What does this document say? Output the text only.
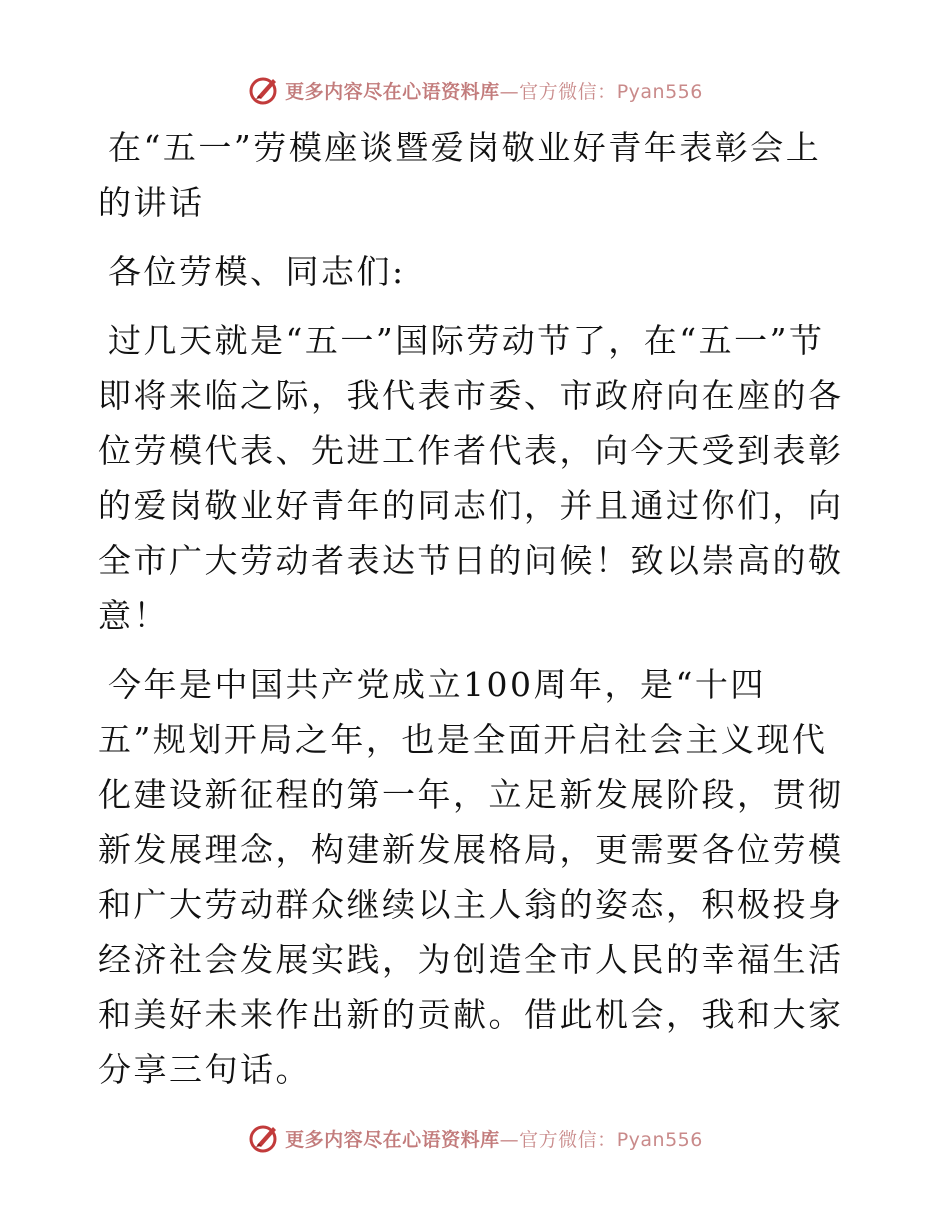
更多内容尽在心语资料库—官方微信：Pyan556

在“五一”劳模座谈暨爱岗敬业好青年表彰会上的讲话

各位劳模、同志们:

过几天就是“五一”国际劳动节了，在“五一”节即将来临之际，我代表市委、市政府向在座的各位劳模代表、先进工作者代表，向今天受到表彰的爱岗敬业好青年的同志们，并且通过你们，向全市广大劳动者表达节日的问候！致以崇高的敬意！

今年是中国共产党成立100周年，是“十四五”规划开局之年，也是全面开启社会主义现代化建设新征程的第一年，立足新发展阶段，贯彻新发展理念，构建新发展格局，更需要各位劳模和广大劳动群众继续以主人翁的姿态，积极投身经济社会发展实践，为创造全市人民的幸福生活和美好未来作出新的贡献。借此机会，我和大家分享三句话。

更多内容尽在心语资料库—官方微信：Pyan556
